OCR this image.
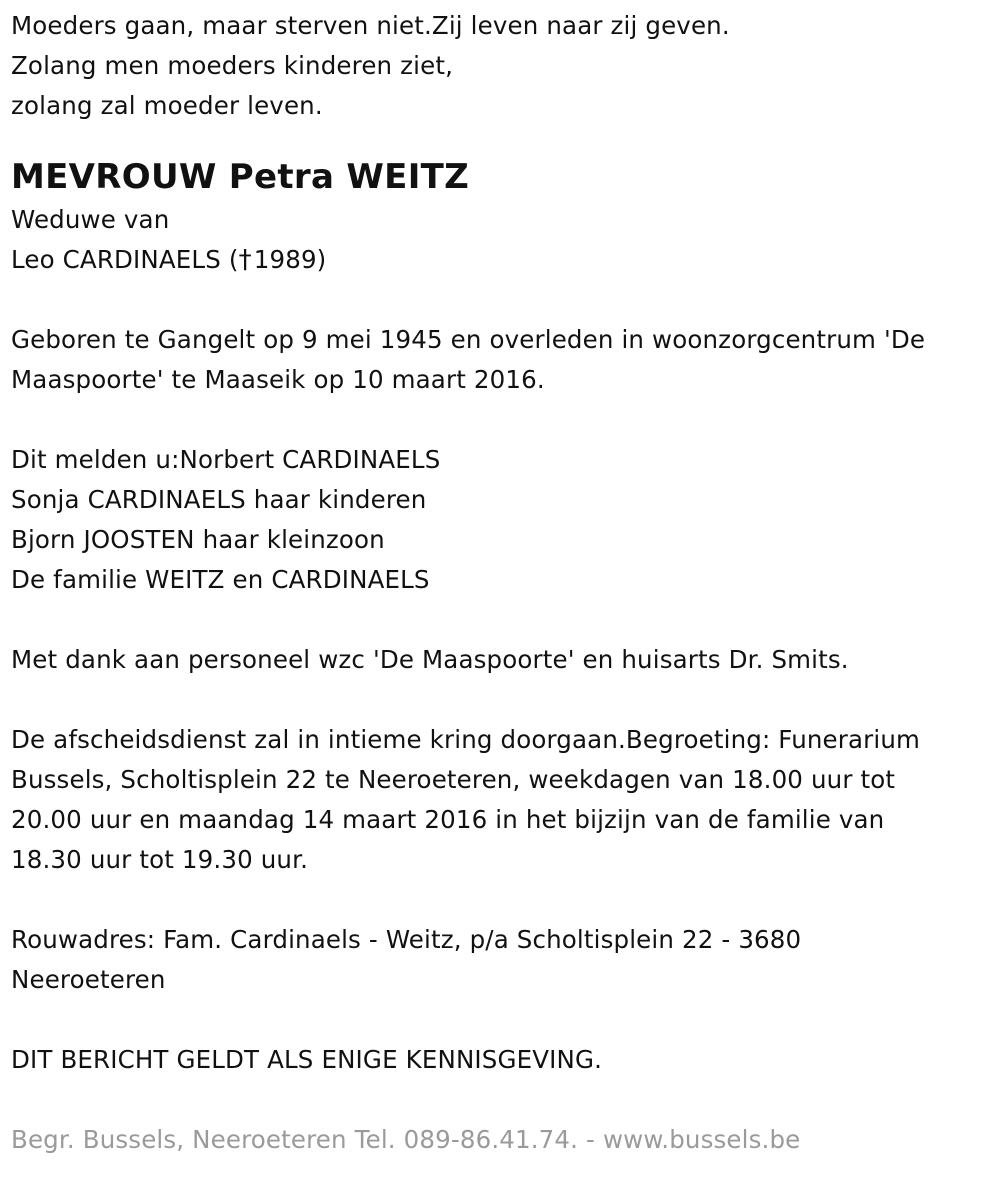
Moeders gaan, maar sterven niet.Zij leven naar zij geven.
Zolang men moeders kinderen ziet,
zolang zal moeder leven.
MEVROUW Petra WEITZ
Weduwe van
Leo CARDINAELS (†1989)
Geboren te Gangelt op 9 mei 1945 en overleden in woonzorgcentrum 'De
Maaspoorte' te Maaseik op 10 maart 2016.
Dit melden u:Norbert CARDINAELS
Sonja CARDINAELS haar kinderen
Bjorn JOOSTEN haar kleinzoon
De familie WEITZ en CARDINAELS
Met dank aan personeel wzc 'De Maaspoorte' en huisarts Dr. Smits.
De afscheidsdienst zal in intieme kring doorgaan.Begroeting: Funerarium
Bussels, Scholtisplein 22 te Neeroeteren, weekdagen van 18.00 uur tot
20.00 uur en maandag 14 maart 2016 in het bijzijn van de familie van
18.30 uur tot 19.30 uur.
Rouwadres: Fam. Cardinaels - Weitz, p/a Scholtisplein 22 - 3680
Neeroeteren
DIT BERICHT GELDT ALS ENIGE KENNISGEVING.
Begr. Bussels, Neeroeteren Tel. 089-86.41.74. - www.bussels.be
